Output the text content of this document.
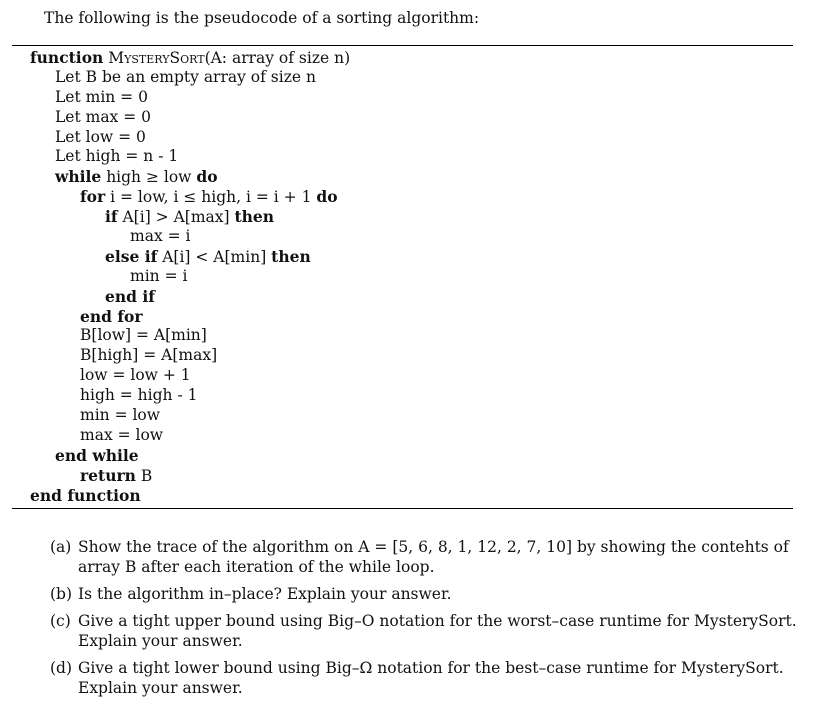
The following is the pseudocode of a sorting algorithm:
function MysterySort(A: array of size n)
Let B be an empty array of size n
Let min = 0
Let max = 0
Let low = 0
Let high = n - 1
while high ≥ low do
for i = low, i ≤ high, i = i + 1 do
if A[i] > A[max] then
max = i
else if A[i] < A[min] then
min = i
end if
end for
B[low] = A[min]
B[high] = A[max]
low = low + 1
high = high - 1
min = low
max = low
end while
return B
end function
(a) Show the trace of the algorithm on A = [5, 6, 8, 1, 12, 2, 7, 10] by showing the contehts of array B after each iteration of the while loop.
(b) Is the algorithm in–place? Explain your answer.
(c) Give a tight upper bound using Big–O notation for the worst–case runtime for MysterySort. Explain your answer.
(d) Give a tight lower bound using Big–Ω notation for the best–case runtime for MysterySort. Explain your answer.
